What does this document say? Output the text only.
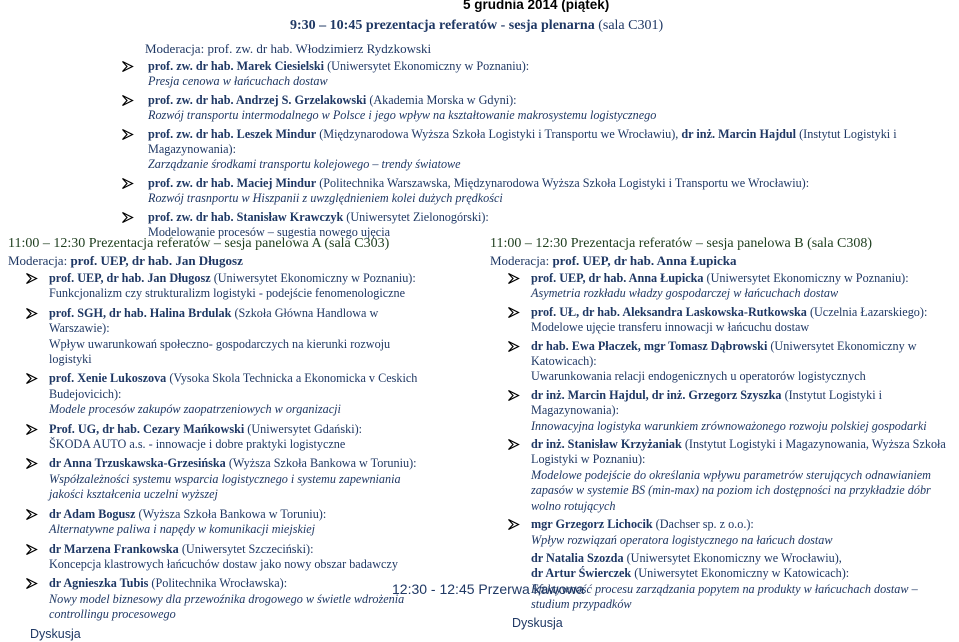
5 grudnia 2014 (piątek)
9:30 – 10:45 prezentacja referatów - sesja plenarna (sala C301)
Moderacja: prof. zw. dr hab. Włodzimierz Rydzkowski
prof. zw. dr hab. Marek Ciesielski (Uniwersytet Ekonomiczny w Poznaniu):
Presja cenowa w łańcuchach dostaw
prof. zw. dr hab. Andrzej S. Grzelakowski (Akademia Morska w Gdyni):
Rozwój transportu intermodalnego w Polsce i jego wpływ na kształtowanie makrosystemu logistycznego
prof. zw. dr hab. Leszek Mindur (Międzynarodowa Wyższa Szkoła Logistyki i Transportu we Wrocławiu), dr inż. Marcin Hajdul (Instytut Logistyki i Magazynowania):
Zarządzanie środkami transportu kolejowego – trendy światowe
prof. zw. dr hab. Maciej Mindur (Politechnika Warszawska, Międzynarodowa Wyższa Szkoła Logistyki i Transportu we Wrocławiu):
Rozwój trasnportu w Hiszpanii z uwzględnieniem kolei dużych prędkości
prof. zw. dr hab. Stanisław Krawczyk (Uniwersytet Zielonogórski):
Modelowanie procesów – sugestia nowego ujęcia
11:00 – 12:30 Prezentacja referatów – sesja panelowa A (sala C303)
Moderacja: prof. UEP, dr hab. Jan Długosz
prof. UEP, dr hab. Jan Długosz (Uniwersytet Ekonomiczny w Poznaniu):
Funkcjonalizm czy strukturalizm logistyki - podejście fenomenologiczne
prof. SGH, dr hab. Halina Brdulak (Szkoła Główna Handlowa w Warszawie):
Wpływ uwarunkowań społeczno- gospodarczych na kierunki rozwoju logistyki
prof. Xenie Lukoszova (Vysoka Skola Technicka a Ekonomicka v Ceskich Budejovicich):
Modele procesów zakupów zaopatrzeniowych w organizacji
Prof. UG, dr hab. Cezary Mańkowski (Uniwersytet Gdański):
ŠKODA AUTO a.s. - innowacje i dobre praktyki logistyczne
dr Anna Trzuskawska-Grzesińska (Wyższa Szkoła Bankowa w Toruniu):
Współzależności systemu wsparcia logistycznego i systemu zapewniania jakości kształcenia uczelni wyższej
dr Adam Bogusz (Wyższa Szkoła Bankowa w Toruniu):
Alternatywne paliwa i napędy w komunikacji miejskiej
dr Marzena Frankowska (Uniwersytet Szczeciński):
Koncepcja klastrowych łańcuchów dostaw jako nowy obszar badawczy
dr Agnieszka Tubis (Politechnika Wrocławska):
Nowy model biznesowy dla przewoźnika drogowego w świetle wdrożenia controllingu procesowego
Dyskusja
11:00 – 12:30 Prezentacja referatów – sesja panelowa B (sala C308)
Moderacja: prof. UEP, dr hab. Anna Łupicka
prof. UEP, dr hab. Anna Łupicka (Uniwersytet Ekonomiczny w Poznaniu):
Asymetria rozkładu władzy gospodarczej w łańcuchach dostaw
prof. UŁ, dr hab. Aleksandra Laskowska-Rutkowska (Uczelnia Łazarskiego):
Modelowe ujęcie transferu innowacji w łańcuchu dostaw
dr hab. Ewa Płaczek, mgr Tomasz Dąbrowski (Uniwersytet Ekonomiczny w Katowicach):
Uwarunkowania relacji endogenicznych u operatorów logistycznych
dr inż. Marcin Hajdul, dr inż. Grzegorz Szyszka (Instytut Logistyki i Magazynowania):
Innowacyjna logistyka warunkiem zrównoważonego rozwoju polskiej gospodarki
dr inż. Stanisław Krzyżaniak (Instytut Logistyki i Magazynowania, Wyższa Szkoła Logistyki w Poznaniu):
Modelowe podejście do określania wpływu parametrów sterujących odnawianiem zapasów w systemie BS (min-max) na poziom ich dostępności na przykładzie dóbr wolno rotujących
mgr Grzegorz Lichocik (Dachser sp. z o.o.):
Wpływ rozwiązań operatora logistycznego na łańcuch dostaw
dr Natalia Szozda (Uniwersytet Ekonomiczny we Wrocławiu),
dr Artur Świerczek (Uniwersytet Ekonomiczny w Katowicach):
Efektywność procesu zarządzania popytem na produkty w łańcuchach dostaw – studium przypadków
Dyskusja
12:30 - 12:45 Przerwa kawowa
